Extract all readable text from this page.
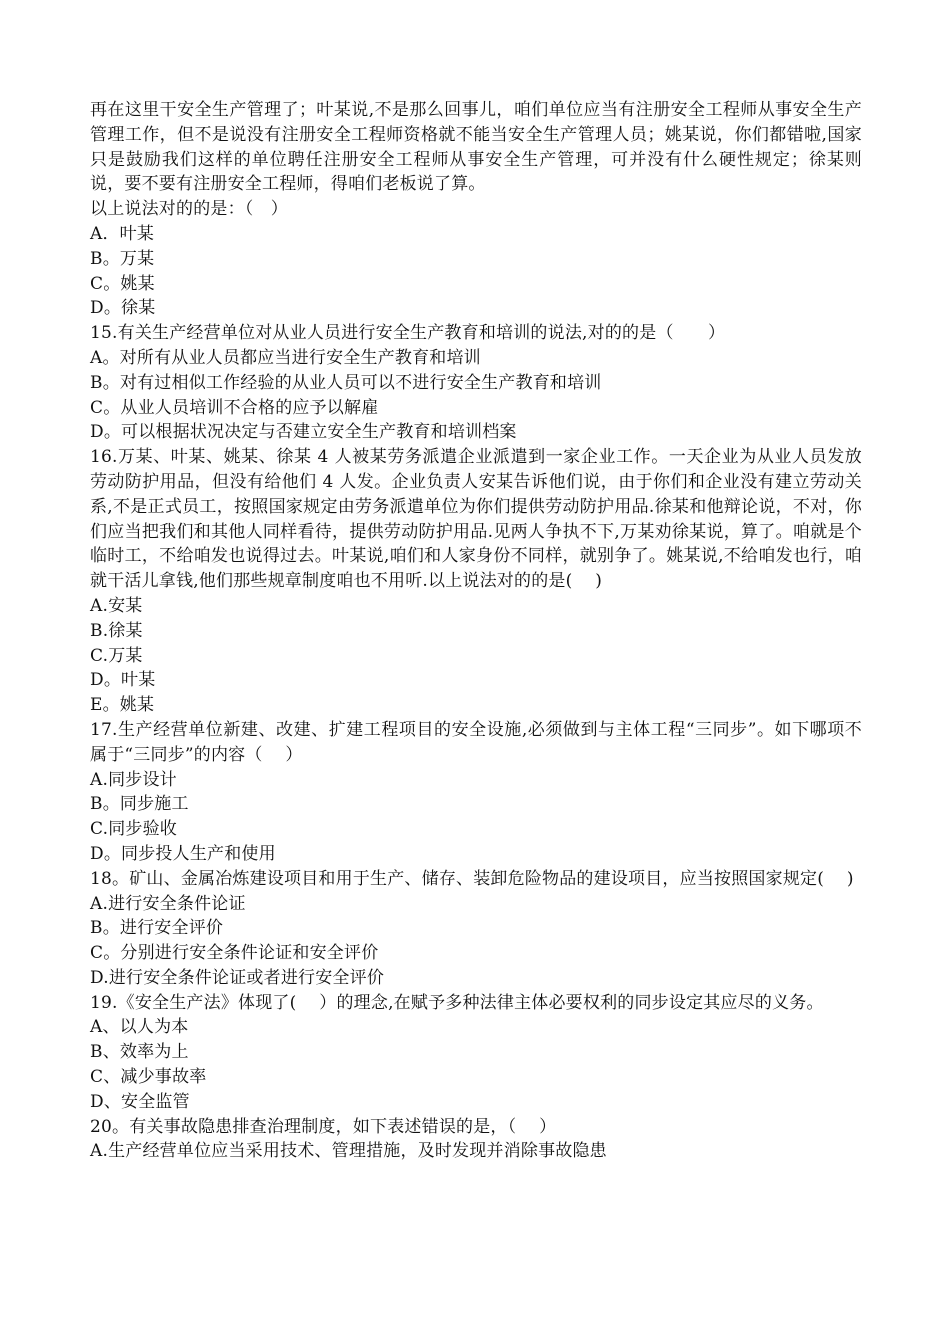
再在这里干安全生产管理了；叶某说,不是那么回事儿，咱们单位应当有注册安全工程师从事安全生产管理工作，但不是说没有注册安全工程师资格就不能当安全生产管理人员；姚某说，你们都错啦,国家只是鼓励我们这样的单位聘任注册安全工程师从事安全生产管理，可并没有什么硬性规定；徐某则说，要不要有注册安全工程师，得咱们老板说了算。

以上说法对的的是：（　）

A．叶某

B。万某

C。姚某

D。徐某

15.有关生产经营单位对从业人员进行安全生产教育和培训的说法,对的的是（　　）

A。对所有从业人员都应当进行安全生产教育和培训

B。对有过相似工作经验的从业人员可以不进行安全生产教育和培训

C。从业人员培训不合格的应予以解雇

D。可以根据状况决定与否建立安全生产教育和培训档案

16.万某、叶某、姚某、徐某 4 人被某劳务派遣企业派遣到一家企业工作。一天企业为从业人员发放劳动防护用品，但没有给他们 4 人发。企业负责人安某告诉他们说，由于你们和企业没有建立劳动关系,不是正式员工，按照国家规定由劳务派遣单位为你们提供劳动防护用品.徐某和他辩论说，不对，你们应当把我们和其他人同样看待，提供劳动防护用品.见两人争执不下,万某劝徐某说，算了。咱就是个临时工，不给咱发也说得过去。叶某说,咱们和人家身份不同样，就别争了。姚某说,不给咱发也行，咱就干活儿拿钱,他们那些规章制度咱也不用听.以上说法对的的是(　 )

A.安某

B.徐某

C.万某

D。叶某

E。姚某

17.生产经营单位新建、改建、扩建工程项目的安全设施,必须做到与主体工程“三同步”。如下哪项不属于“三同步”的内容（　 ）

A.同步设计

B。同步施工

C.同步验收

D。同步投人生产和使用

18。矿山、金属冶炼建设项目和用于生产、储存、装卸危险物品的建设项目，应当按照国家规定(　 )

A.进行安全条件论证

B。进行安全评价

C。分别进行安全条件论证和安全评价

D.进行安全条件论证或者进行安全评价

19.《安全生产法》体现了(　 ）的理念,在赋予多种法律主体必要权利的同步设定其应尽的义务。

A、以人为本

B、效率为上

C、减少事故率

D、安全监管

20。有关事故隐患排查治理制度，如下表述错误的是，（　 ）

A.生产经营单位应当采用技术、管理措施，及时发现并消除事故隐患
